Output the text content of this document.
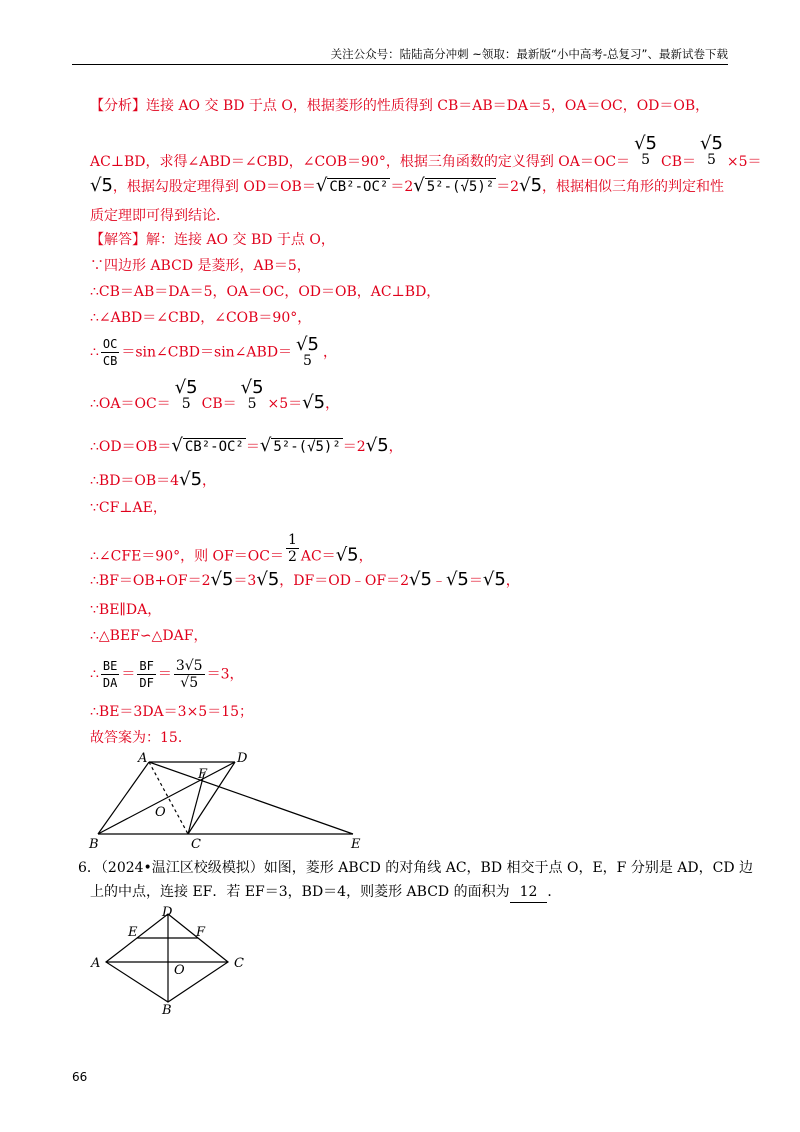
关注公众号：陆陆高分冲刺 ~领取：最新版“小中高考-总复习”、最新试卷下载
【分析】连接 AO 交 BD 于点 O，根据菱形的性质得到 CB＝AB＝DA＝5，OA＝OC，OD＝OB，
AC⊥BD，求得∠ABD＝∠CBD，∠COB＝90°，根据三角函数的定义得到 OA＝OC＝
√5
5 CB＝
√5
5 ×5＝
√5，根据勾股定理得到 OD＝OB＝√ CB²-OC² ＝2√ 5²-(√5)² ＝2√5，根据相似三角形的判定和性
质定理即可得到结论．
【解答】解：连接 AO 交 BD 于点 O，
∵四边形 ABCD 是菱形，AB＝5，
∴CB＝AB＝DA＝5，OA＝OC，OD＝OB，AC⊥BD，
∴∠ABD＝∠CBD，∠COB＝90°，
∴ $\frac{OC}{CB}$ ＝sin∠CBD＝sin∠ABD＝ √5
5 ，
∴OA＝OC＝
√5
5 CB＝
√5
5 ×5＝√5，
∴OD＝OB＝√ CB²-OC² ＝√ 5²-(√5)² ＝2√5，
∴BD＝OB＝4√5，
∵CF⊥AE，
∴∠CFE＝90°，则 $OF=OC= \frac{1}{2} AC=√5$，
∴BF＝OB+OF＝2√5＝3√5，DF＝OD﹣OF＝2√5﹣√5＝√5，
∵BE∥DA，
∴△BEF∽△DAF，
∴ $\frac{BE}{DA} = \frac{BF}{DF} = \frac{3√5}{√5} =3$，
∴BE＝3DA＝3×5＝15；
故答案为：15．
A	D
F
O
B	C	E
6．（2024•温江区校级模拟）如图，菱形 ABCD 的对角线 AC，BD 相交于点 O，E，F 分别是 AD，CD 边
上的中点，连接 EF．若 EF＝3，BD＝4，则菱形 ABCD 的面积为 12 ．
D
E	F
A	O	C
B
66
